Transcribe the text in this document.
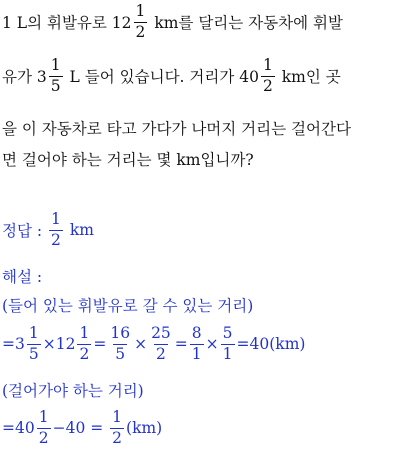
1 L의 휘발유로 $12 \frac{1}{2}$ km를 달리는 자동차에 휘발
유가 $3 \frac{1}{5}$ L 들어 있습니다. 거리가 $40 \frac{1}{2}$ km인 곳
을 이 자동차로 타고 가다가 나머지 거리는 걸어간다
면 걸어야 하는 거리는 몇 km입니까?
정답 : $\frac{1}{2}$ km
해설 :
(들어 있는 휘발유로 갈 수 있는 거리)
$=3 \frac{1}{5} \times 12 \frac{1}{2} = \frac{16}{5} \times \frac{25}{2} = \frac{8}{1} \times \frac{5}{1} =40(km)$
(걸어가야 하는 거리)
$=40 \frac{1}{2} -40 = \frac{1}{2} (km)$
